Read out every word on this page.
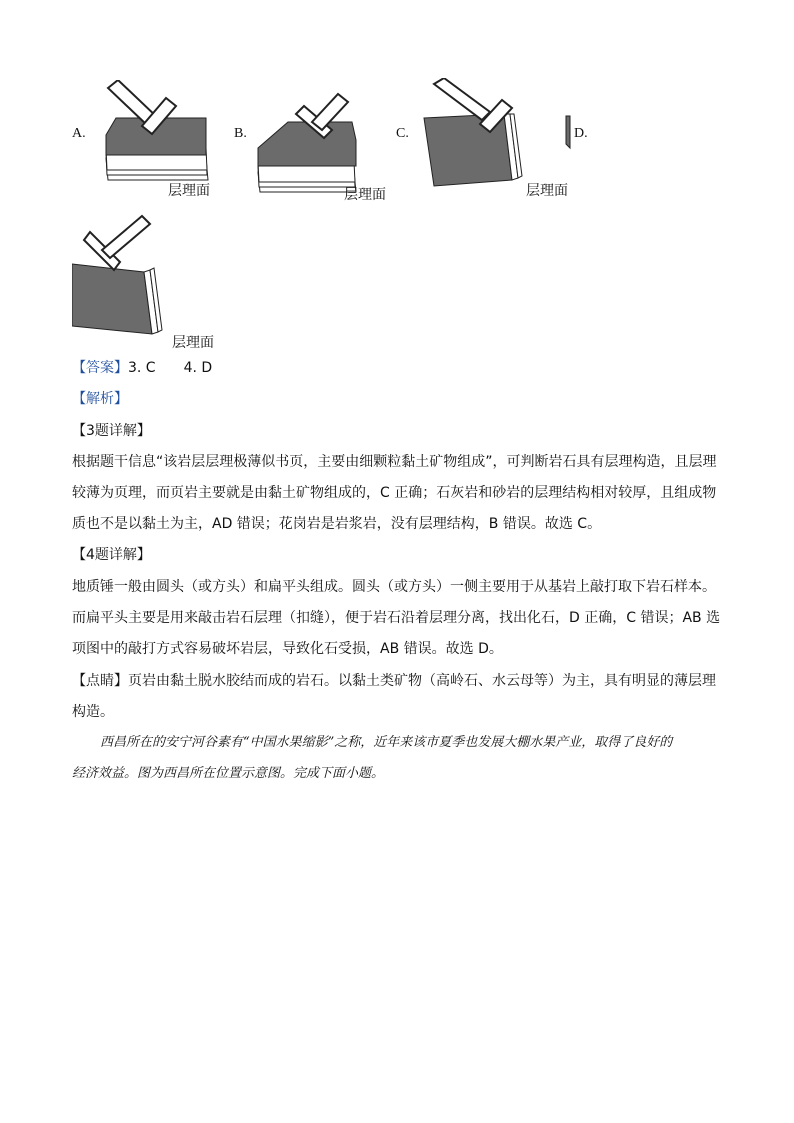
A.
层理面
B.
层理面
C.
层理面
D.
层理面
【答案】3. C　　4. D
【解析】
【3题详解】
根据题干信息“该岩层层理极薄似书页，主要由细颗粒黏土矿物组成”，可判断岩石具有层理构造，且层理
较薄为页理，而页岩主要就是由黏土矿物组成的，C 正确；石灰岩和砂岩的层理结构相对较厚，且组成物
质也不是以黏土为主，AD 错误；花岗岩是岩浆岩，没有层理结构，B 错误。故选 C。
【4题详解】
地质锤一般由圆头（或方头）和扁平头组成。圆头（或方头）一侧主要用于从基岩上敲打取下岩石样本。
而扁平头主要是用来敲击岩石层理（扣缝），便于岩石沿着层理分离，找出化石，D 正确，C 错误；AB 选
项图中的敲打方式容易破坏岩层，导致化石受损，AB 错误。故选 D。
【点睛】页岩由黏土脱水胶结而成的岩石。以黏土类矿物（高岭石、水云母等）为主，具有明显的薄层理
构造。
西昌所在的安宁河谷素有“中国水果缩影”之称，近年来该市夏季也发展大棚水果产业，取得了良好的
经济效益。图为西昌所在位置示意图。完成下面小题。
